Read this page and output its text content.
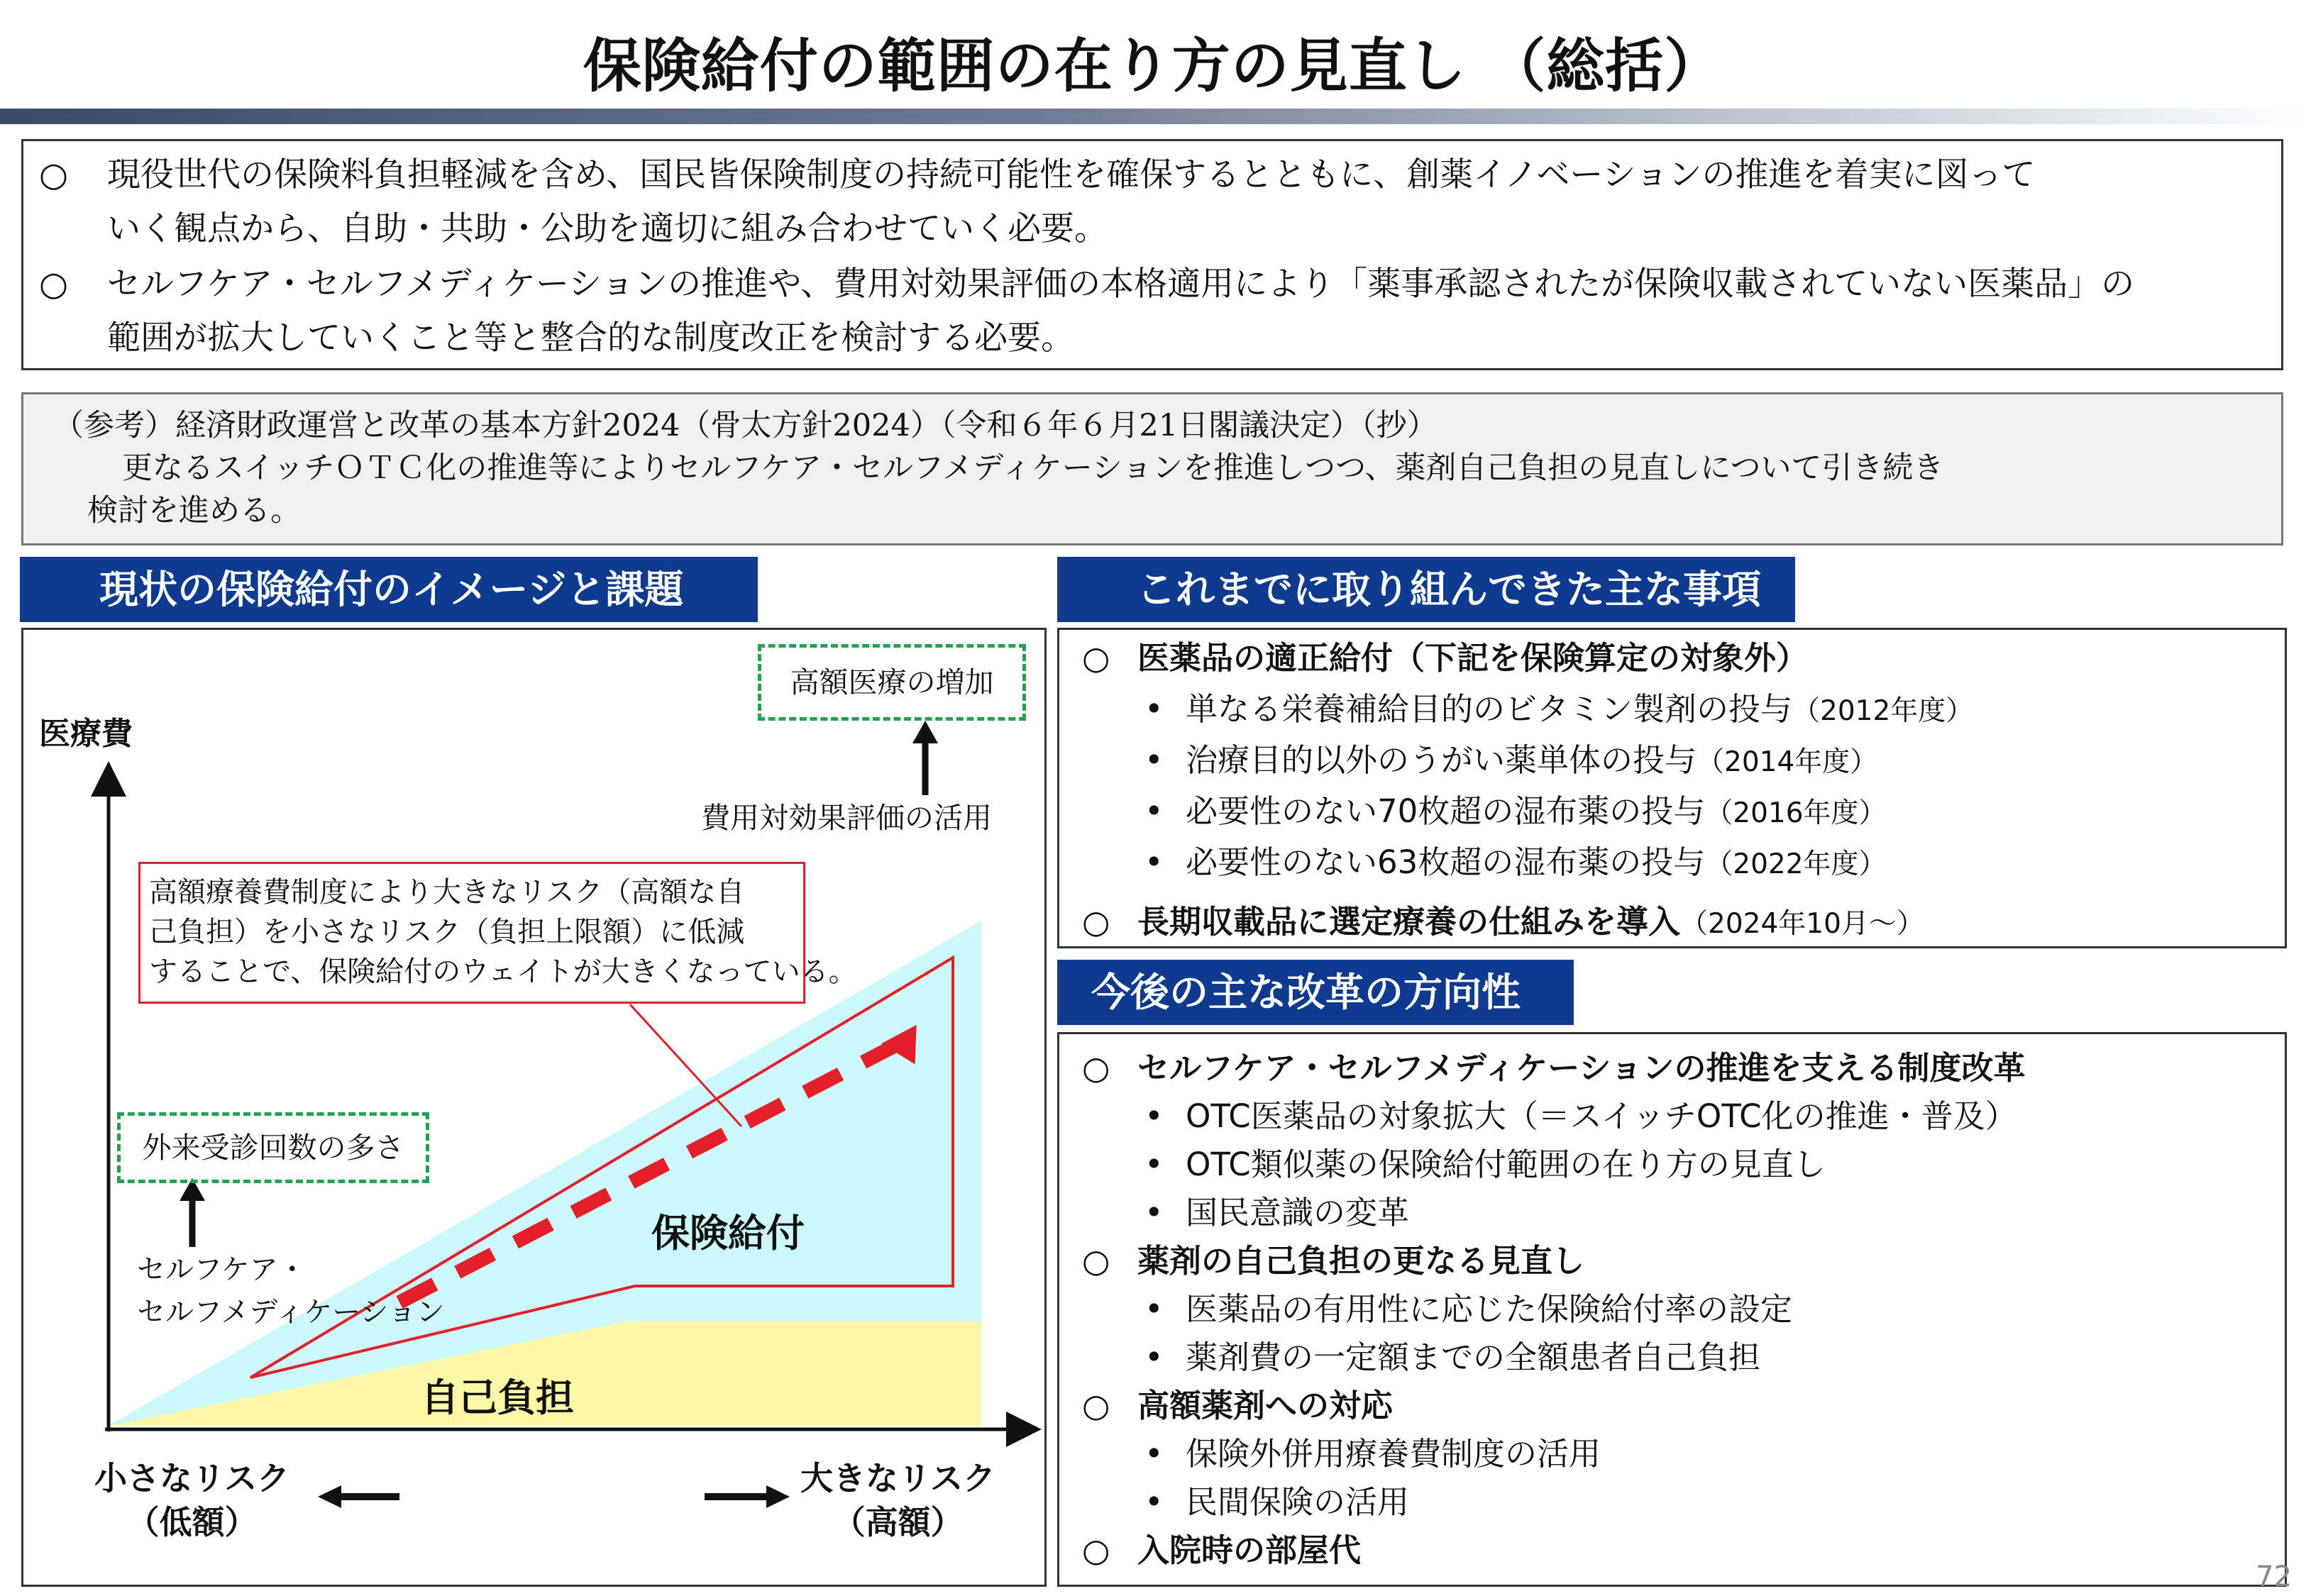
保険給付の範囲の在り方の見直し （総括）
○ 現役世代の保険料負担軽減を含め、国民皆保険制度の持続可能性を確保するとともに、創薬イノベーションの推進を着実に図って
いく観点から、自助・共助・公助を適切に組み合わせていく必要。
○ セルフケア・セルフメディケーションの推進や、費用対効果評価の本格適用により「薬事承認されたが保険収載されていない医薬品」の
範囲が拡大していくこと等と整合的な制度改正を検討する必要。
（参考）経済財政運営と改革の基本方針2024（骨太方針2024）（令和６年６月21日閣議決定）（抄）
　更なるスイッチＯＴＣ化の推進等によりセルフケア・セルフメディケーションを推進しつつ、薬剤自己負担の見直しについて引き続き
検討を進める。
現状の保険給付のイメージと課題
医療費
高額医療の増加
費用対効果評価の活用
高額療養費制度により大きなリスク（高額な自
己負担）を小さなリスク（負担上限額）に低減
することで、保険給付のウェイトが大きくなっている。
外来受診回数の多さ
セルフケア・
セルフメディケーション
保険給付
自己負担
小さなリスク
（低額）
大きなリスク
（高額）
これまでに取り組んできた主な事項
○ 医薬品の適正給付（下記を保険算定の対象外）
• 単なる栄養補給目的のビタミン製剤の投与（2012年度）
• 治療目的以外のうがい薬単体の投与（2014年度）
• 必要性のない70枚超の湿布薬の投与（2016年度）
• 必要性のない63枚超の湿布薬の投与（2022年度）
○ 長期収載品に選定療養の仕組みを導入（2024年10月～）
今後の主な改革の方向性
○ セルフケア・セルフメディケーションの推進を支える制度改革
• OTC医薬品の対象拡大（＝スイッチOTC化の推進・普及）
• OTC類似薬の保険給付範囲の在り方の見直し
• 国民意識の変革
○ 薬剤の自己負担の更なる見直し
• 医薬品の有用性に応じた保険給付率の設定
• 薬剤費の一定額までの全額患者自己負担
○ 高額薬剤への対応
• 保険外併用療養費制度の活用
• 民間保険の活用
○ 入院時の部屋代
72
